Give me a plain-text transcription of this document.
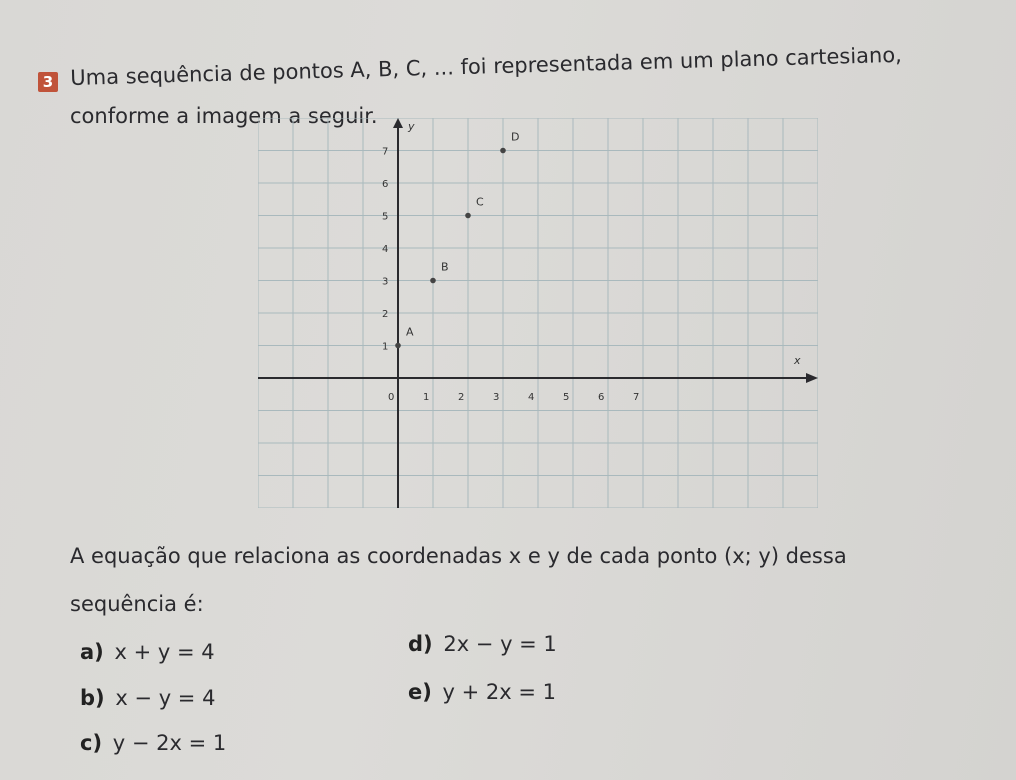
3 Uma sequência de pontos A, B, C, ... foi representada em um plano cartesiano,
conforme a imagem a seguir.
x
y
0	1	2	3	4	5	6	7
1
2
3
4
5
6
7
A
B
C
D
A equação que relaciona as coordenadas x e y de cada ponto (x; y) dessa
sequência é:
a) x + y = 4
b) x − y = 4
c) y − 2x = 1
d) 2x − y = 1
e) y + 2x = 1
